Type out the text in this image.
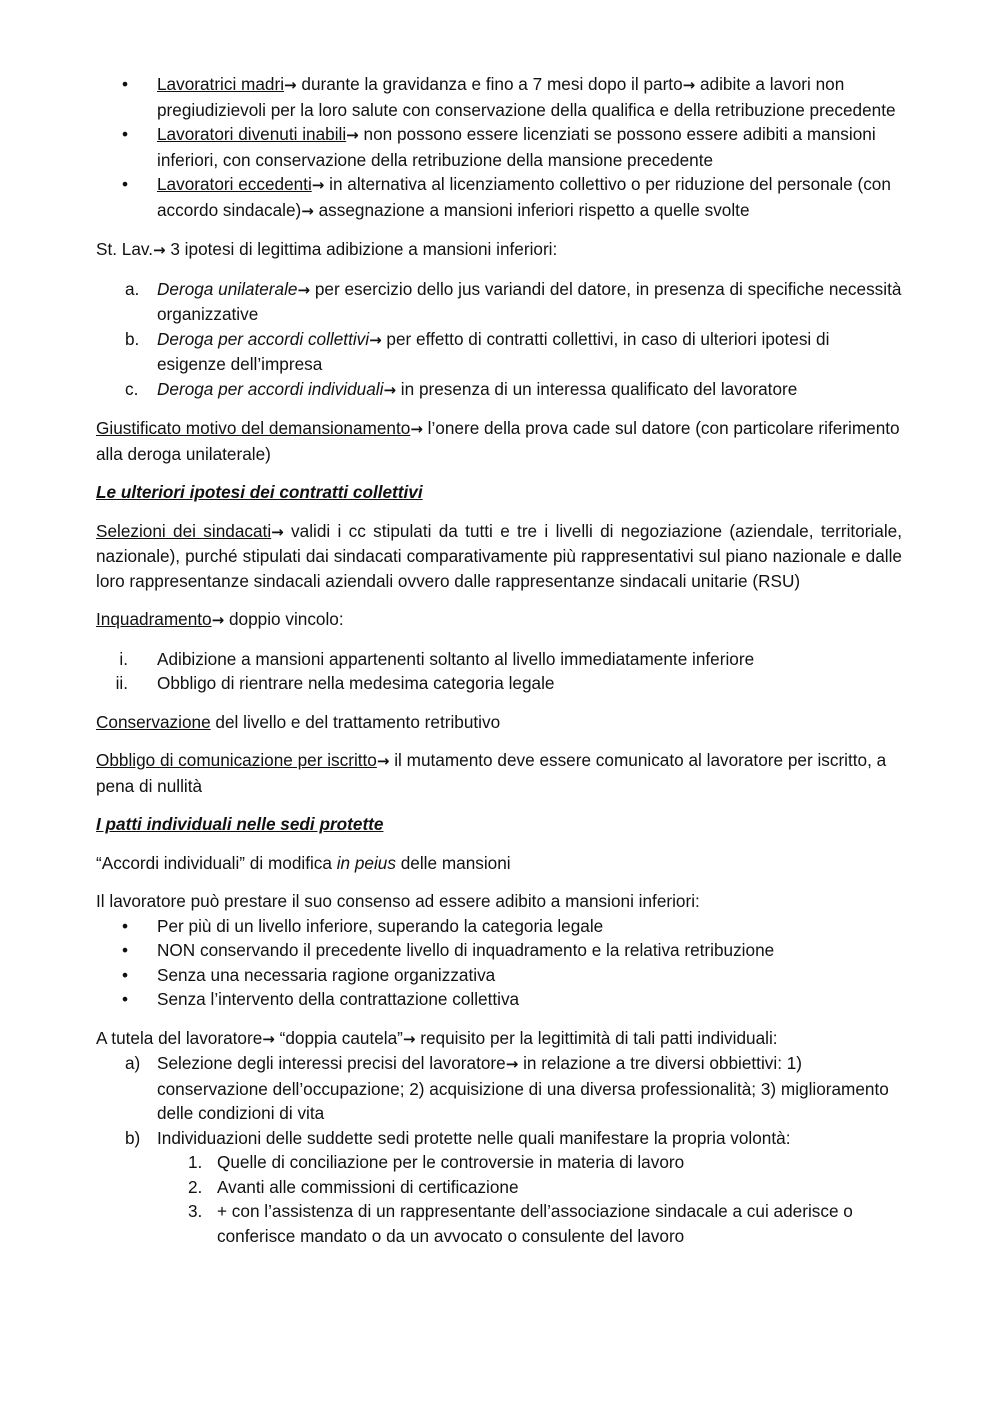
• Lavoratrici madri→ durante la gravidanza e fino a 7 mesi dopo il parto→ adibite a lavori non pregiudizievoli per la loro salute con conservazione della qualifica e della retribuzione precedente
• Lavoratori divenuti inabili→ non possono essere licenziati se possono essere adibiti a mansioni inferiori, con conservazione della retribuzione della mansione precedente
• Lavoratori eccedenti→ in alternativa al licenziamento collettivo o per riduzione del personale (con accordo sindacale)→ assegnazione a mansioni inferiori rispetto a quelle svolte

St. Lav.→ 3 ipotesi di legittima adibizione a mansioni inferiori:

a. Deroga unilaterale→ per esercizio dello jus variandi del datore, in presenza di specifiche necessità organizzative
b. Deroga per accordi collettivi→ per effetto di contratti collettivi, in caso di ulteriori ipotesi di esigenze dell’impresa
c. Deroga per accordi individuali→ in presenza di un interessa qualificato del lavoratore

Giustificato motivo del demansionamento→ l’onere della prova cade sul datore (con particolare riferimento alla deroga unilaterale)

Le ulteriori ipotesi dei contratti collettivi

Selezioni dei sindacati→ validi i cc stipulati da tutti e tre i livelli di negoziazione (aziendale, territoriale, nazionale), purché stipulati dai sindacati comparativamente più rappresentativi sul piano nazionale e dalle loro rappresentanze sindacali aziendali ovvero dalle rappresentanze sindacali unitarie (RSU)

Inquadramento→ doppio vincolo:

i. Adibizione a mansioni appartenenti soltanto al livello immediatamente inferiore
ii. Obbligo di rientrare nella medesima categoria legale

Conservazione del livello e del trattamento retributivo

Obbligo di comunicazione per iscritto→ il mutamento deve essere comunicato al lavoratore per iscritto, a pena di nullità

I patti individuali nelle sedi protette

“Accordi individuali” di modifica in peius delle mansioni

Il lavoratore può prestare il suo consenso ad essere adibito a mansioni inferiori:

• Per più di un livello inferiore, superando la categoria legale
• NON conservando il precedente livello di inquadramento e la relativa retribuzione
• Senza una necessaria ragione organizzativa
• Senza l’intervento della contrattazione collettiva

A tutela del lavoratore→ “doppia cautela”→ requisito per la legittimità di tali patti individuali:

a) Selezione degli interessi precisi del lavoratore→ in relazione a tre diversi obbiettivi: 1) conservazione dell’occupazione; 2) acquisizione di una diversa professionalità; 3) miglioramento delle condizioni di vita
b) Individuazioni delle suddette sedi protette nelle quali manifestare la propria volontà:
1. Quelle di conciliazione per le controversie in materia di lavoro
2. Avanti alle commissioni di certificazione
3. + con l’assistenza di un rappresentante dell’associazione sindacale a cui aderisce o conferisce mandato o da un avvocato o consulente del lavoro
